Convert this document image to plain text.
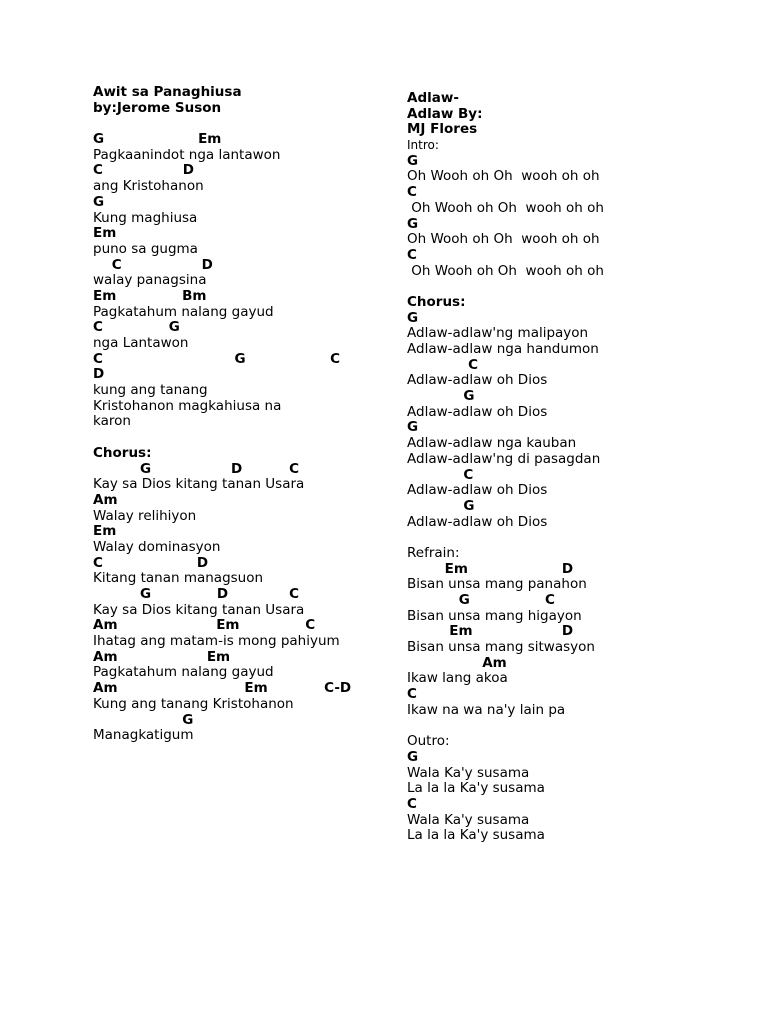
Awit sa Panaghiusa
by:Jerome Suson
G                    Em
Pagkaanindot nga lantawon
C                 D
ang Kristohanon
G
Kung maghiusa
Em
puno sa gugma
C                 D
walay panagsina
Em              Bm
Pagkatahum nalang gayud
C              G
nga Lantawon
C                            G                  C
D
kung ang tanang
Kristohanon magkahiusa na
karon
Chorus:
G                 D          C
Kay sa Dios kitang tanan Usara
Am
Walay relihiyon
Em
Walay dominasyon
C                    D
Kitang tanan managsuon
G              D             C
Kay sa Dios kitang tanan Usara
Am                     Em              C
Ihatag ang matam-is mong pahiyum
Am                   Em
Pagkatahum nalang gayud
Am                           Em            C-D
Kung ang tanang Kristohanon
G
Managkatigum
Adlaw-
Adlaw By:
MJ Flores
Intro:
G
Oh Wooh oh Oh  wooh oh oh
C
Oh Wooh oh Oh  wooh oh oh
G
Oh Wooh oh Oh  wooh oh oh
C
Oh Wooh oh Oh  wooh oh oh
Chorus:
G
Adlaw-adlaw'ng malipayon
Adlaw-adlaw nga handumon
C
Adlaw-adlaw oh Dios
G
Adlaw-adlaw oh Dios
G
Adlaw-adlaw nga kauban
Adlaw-adlaw'ng di pasagdan
C
Adlaw-adlaw oh Dios
G
Adlaw-adlaw oh Dios
Refrain:
Em                    D
Bisan unsa mang panahon
G                C
Bisan unsa mang higayon
Em                   D
Bisan unsa mang sitwasyon
Am
Ikaw lang akoa
C
Ikaw na wa na'y lain pa
Outro:
G
Wala Ka'y susama
La la la Ka'y susama
C
Wala Ka'y susama
La la la Ka'y susama
